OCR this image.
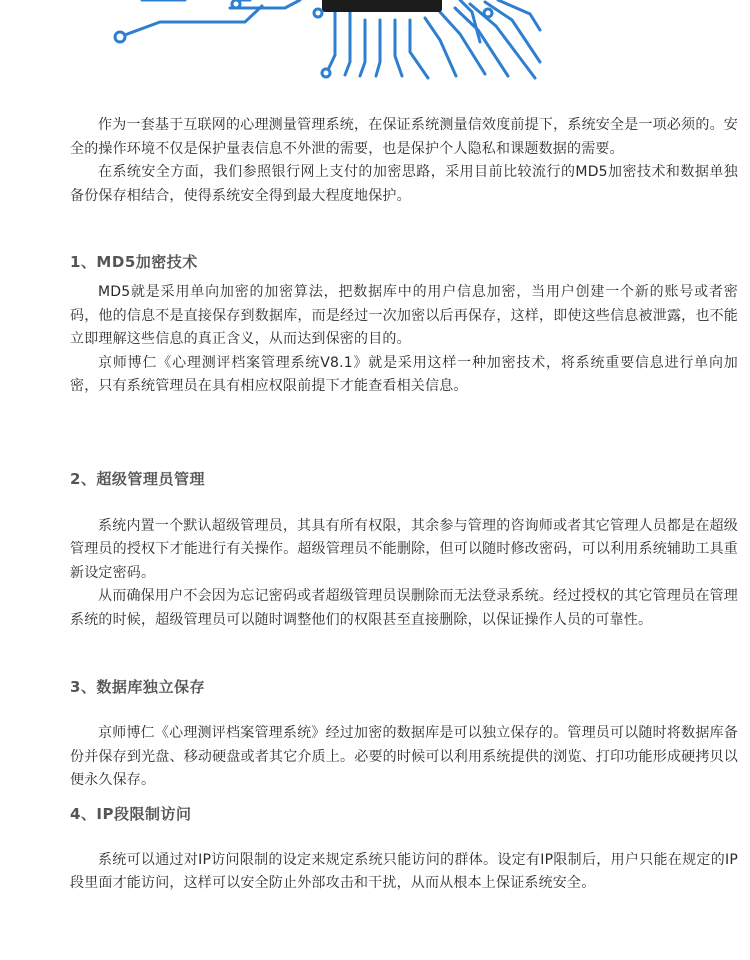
作为一套基于互联网的心理测量管理系统，在保证系统测量信效度前提下，系统安全是一项必须的。安全的操作环境不仅是保护量表信息不外泄的需要，也是保护个人隐私和课题数据的需要。

在系统安全方面，我们参照银行网上支付的加密思路，采用目前比较流行的MD5加密技术和数据单独备份保存相结合，使得系统安全得到最大程度地保护。

1、MD5加密技术

MD5就是采用单向加密的加密算法，把数据库中的用户信息加密，当用户创建一个新的账号或者密码，他的信息不是直接保存到数据库，而是经过一次加密以后再保存，这样，即使这些信息被泄露，也不能立即理解这些信息的真正含义，从而达到保密的目的。

京师博仁《心理测评档案管理系统V8.1》就是采用这样一种加密技术，将系统重要信息进行单向加密，只有系统管理员在具有相应权限前提下才能查看相关信息。

2、超级管理员管理

系统内置一个默认超级管理员，其具有所有权限，其余参与管理的咨询师或者其它管理人员都是在超级管理员的授权下才能进行有关操作。超级管理员不能删除，但可以随时修改密码，可以利用系统辅助工具重新设定密码。

从而确保用户不会因为忘记密码或者超级管理员误删除而无法登录系统。经过授权的其它管理员在管理系统的时候，超级管理员可以随时调整他们的权限甚至直接删除，以保证操作人员的可靠性。

3、数据库独立保存

京师博仁《心理测评档案管理系统》经过加密的数据库是可以独立保存的。管理员可以随时将数据库备份并保存到光盘、移动硬盘或者其它介质上。必要的时候可以利用系统提供的浏览、打印功能形成硬拷贝以便永久保存。

4、IP段限制访问

系统可以通过对IP访问限制的设定来规定系统只能访问的群体。设定有IP限制后，用户只能在规定的IP段里面才能访问，这样可以安全防止外部攻击和干扰，从而从根本上保证系统安全。
